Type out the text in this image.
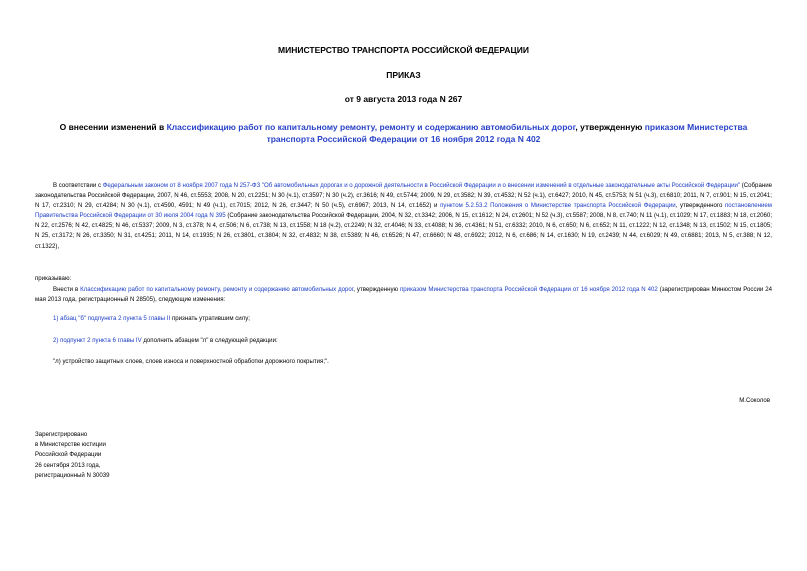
МИНИСТЕРСТВО ТРАНСПОРТА РОССИЙСКОЙ ФЕДЕРАЦИИ
ПРИКАЗ
от 9 августа 2013 года N 267
О внесении изменений в Классификацию работ по капитальному ремонту, ремонту и содержанию автомобильных дорог, утвержденную приказом Министерства транспорта Российской Федерации от 16 ноября 2012 года N 402
В соответствии с Федеральным законом от 8 ноября 2007 года N 257-ФЗ "Об автомобильных дорогах и о дорожной деятельности в Российской Федерации и о внесении изменений в отдельные законодательные акты Российской Федерации" (Собрание законодательства Российской Федерации, 2007, N 46, ст.5553; 2008, N 20, ст.2251; N 30 (ч.1), ст.3597; N 30 (ч.2), ст.3616; N 49, ст.5744; 2009, N 29, ст.3582; N 39, ст.4532; N 52 (ч.1), ст.6427; 2010, N 45, ст.5753; N 51 (ч.3), ст.6810; 2011, N 7, ст.901; N 15, ст.2041; N 17, ст.2310; N 29, ст.4284; N 30 (ч.1), ст.4590, 4591; N 49 (ч.1), ст.7015; 2012, N 26, ст.3447; N 50 (ч.5), ст.6967; 2013, N 14, ст.1652) и пунктом 5.2.53.2 Положения о Министерстве транспорта Российской Федерации, утвержденного постановлением Правительства Российской Федерации от 30 июля 2004 года N 395 (Собрание законодательства Российской Федерации, 2004, N 32, ст.3342; 2006, N 15, ст.1612; N 24, ст.2601; N 52 (ч.3), ст.5587; 2008, N 8, ст.740; N 11 (ч.1), ст.1029; N 17, ст.1883; N 18, ст.2060; N 22, ст.2576; N 42, ст.4825; N 46, ст.5337; 2009, N 3, ст.378; N 4, ст.506; N 6, ст.738; N 13, ст.1558; N 18 (ч.2), ст.2249; N 32, ст.4046; N 33, ст.4088; N 36, ст.4361; N 51, ст.6332; 2010, N 6, ст.650; N 6, ст.652; N 11, ст.1222; N 12, ст.1348; N 13, ст.1502; N 15, ст.1805; N 25, ст.3172; N 26, ст.3350; N 31, ст.4251; 2011, N 14, ст.1935; N 26, ст.3801, ст.3804; N 32, ст.4832; N 38, ст.5389; N 46, ст.6526; N 47, ст.6660; N 48, ст.6922; 2012, N 6, ст.686; N 14, ст.1630; N 19, ст.2439; N 44, ст.6029; N 49, ст.6881; 2013, N 5, ст.388; N 12, ст.1322),
приказываю:
Внести в Классификацию работ по капитальному ремонту, ремонту и содержанию автомобильных дорог, утвержденную приказом Министерства транспорта Российской Федерации от 16 ноября 2012 года N 402 (зарегистрирован Минюстом России 24 мая 2013 года, регистрационный N 28505), следующие изменения:
1) абзац "б" подпункта 2 пункта 5 главы II признать утратившим силу;
2) подпункт 2 пункта 6 главы IV дополнить абзацем "л" в следующей редакции:
"л) устройство защитных слоев, слоев износа и поверхностной обработки дорожного покрытия;".
М.Соколов
Зарегистрировано
в Министерстве юстиции
Российской Федерации
26 сентября 2013 года,
регистрационный N 30039
